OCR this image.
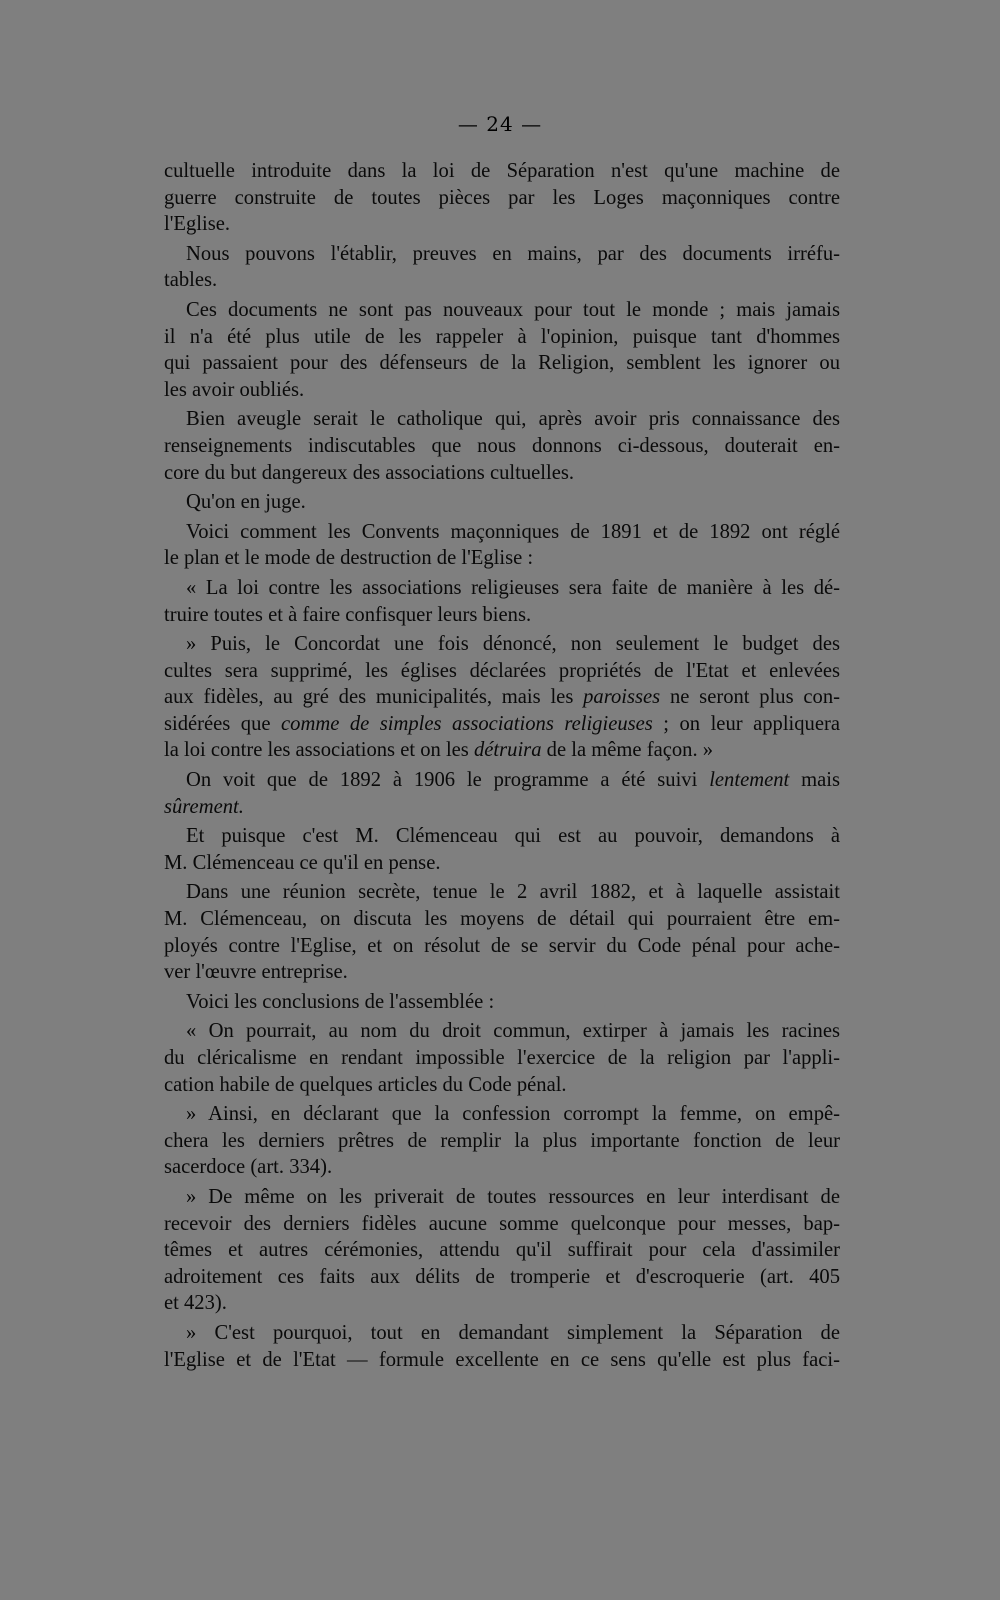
— 24 —
cultuelle introduite dans la loi de Séparation n'est qu'une machine de
guerre construite de toutes pièces par les Loges maçonniques contre
l'Eglise.
Nous pouvons l'établir, preuves en mains, par des documents irréfu-
tables.
Ces documents ne sont pas nouveaux pour tout le monde ; mais jamais
il n'a été plus utile de les rappeler à l'opinion, puisque tant d'hommes
qui passaient pour des défenseurs de la Religion, semblent les ignorer ou
les avoir oubliés.
Bien aveugle serait le catholique qui, après avoir pris connaissance des
renseignements indiscutables que nous donnons ci-dessous, douterait en-
core du but dangereux des associations cultuelles.
Qu'on en juge.
Voici comment les Convents maçonniques de 1891 et de 1892 ont réglé
le plan et le mode de destruction de l'Eglise :
« La loi contre les associations religieuses sera faite de manière à les dé-
truire toutes et à faire confisquer leurs biens.
» Puis, le Concordat une fois dénoncé, non seulement le budget des
cultes sera supprimé, les églises déclarées propriétés de l'Etat et enlevées
aux fidèles, au gré des municipalités, mais les paroisses ne seront plus con-
sidérées que comme de simples associations religieuses ; on leur appliquera
la loi contre les associations et on les détruira de la même façon. »
On voit que de 1892 à 1906 le programme a été suivi lentement mais
sûrement.
Et puisque c'est M. Clémenceau qui est au pouvoir, demandons à
M. Clémenceau ce qu'il en pense.
Dans une réunion secrète, tenue le 2 avril 1882, et à laquelle assistait
M. Clémenceau, on discuta les moyens de détail qui pourraient être em-
ployés contre l'Eglise, et on résolut de se servir du Code pénal pour ache-
ver l'œuvre entreprise.
Voici les conclusions de l'assemblée :
« On pourrait, au nom du droit commun, extirper à jamais les racines
du cléricalisme en rendant impossible l'exercice de la religion par l'appli-
cation habile de quelques articles du Code pénal.
» Ainsi, en déclarant que la confession corrompt la femme, on empê-
chera les derniers prêtres de remplir la plus importante fonction de leur
sacerdoce (art. 334).
» De même on les priverait de toutes ressources en leur interdisant de
recevoir des derniers fidèles aucune somme quelconque pour messes, bap-
têmes et autres cérémonies, attendu qu'il suffirait pour cela d'assimiler
adroitement ces faits aux délits de tromperie et d'escroquerie (art. 405
et 423).
» C'est pourquoi, tout en demandant simplement la Séparation de
l'Eglise et de l'Etat — formule excellente en ce sens qu'elle est plus faci-
